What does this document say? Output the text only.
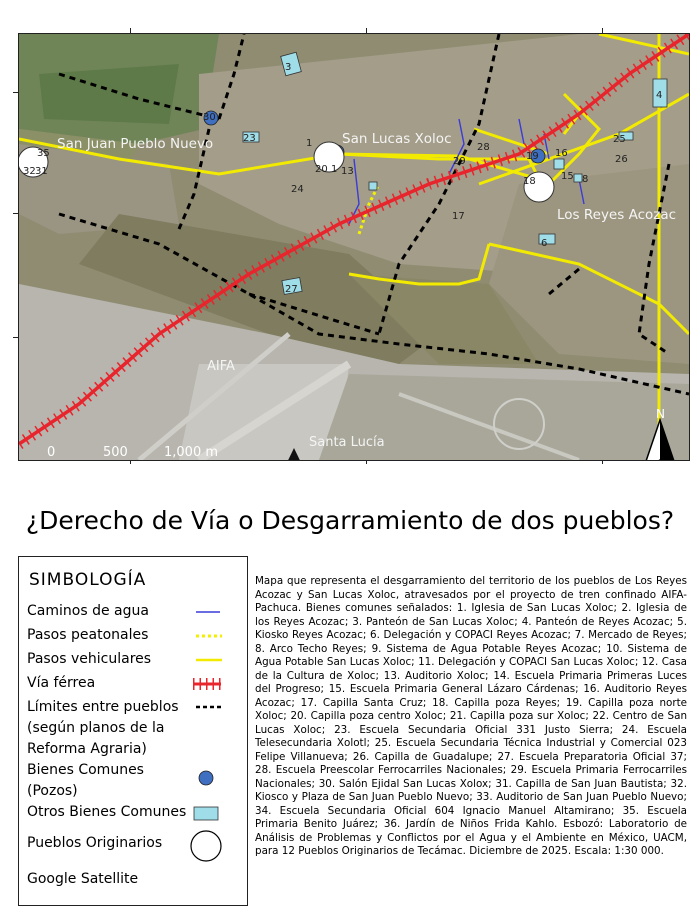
San Juan Pueblo Nuevo	San Lucas Xoloc
Los Reyes Acozac
AIFA
Santa Lucía
0	500	1,000 m
N
3
4
30
23	1
20 1 13
24
35
32 31
29
28
19 16
15 8
18
25
26
17
6
27
¿Derecho de Vía o Desgarramiento de dos pueblos?
SIMBOLOGÍA
Caminos de agua
Pasos peatonales
Pasos vehiculares
Vía férrea
Límites entre pueblos (según planos de la Reforma Agraria)
Bienes Comunes (Pozos)
Otros Bienes Comunes
Pueblos Originarios
Google Satellite
Mapa que representa el desgarramiento del territorio de los pueblos de Los Reyes Acozac y San Lucas Xoloc, atravesados por el proyecto de tren confinado AIFA-Pachuca. Bienes comunes señalados: 1. Iglesia de San Lucas Xoloc; 2. Iglesia de los Reyes Acozac; 3. Panteón de San Lucas Xoloc; 4. Panteón de Reyes Acozac; 5. Kiosko Reyes Acozac; 6. Delegación y COPACI Reyes Acozac; 7. Mercado de Reyes; 8. Arco Techo Reyes; 9. Sistema de Agua Potable Reyes Acozac; 10. Sistema de Agua Potable San Lucas Xoloc; 11. Delegación y COPACI San Lucas Xoloc; 12. Casa de la Cultura de Xoloc; 13. Auditorio Xoloc; 14. Escuela Primaria Primeras Luces del Progreso; 15. Escuela Primaria General Lázaro Cárdenas; 16. Auditorio Reyes Acozac; 17. Capilla Santa Cruz; 18. Capilla poza Reyes; 19. Capilla poza norte Xoloc; 20. Capilla poza centro Xoloc; 21. Capilla poza sur Xoloc; 22. Centro de San Lucas Xoloc; 23. Escuela Secundaria Oficial 331 Justo Sierra; 24. Escuela Telesecundaria Xolotl; 25. Escuela Secundaria Técnica Industrial y Comercial 023 Felipe Villanueva; 26. Capilla de Guadalupe; 27. Escuela Preparatoria Oficial 37; 28. Escuela Preescolar Ferrocarriles Nacionales; 29. Escuela Primaria Ferrocarriles Nacionales; 30. Salón Ejidal San Lucas Xolox; 31. Capilla de San Juan Bautista; 32. Kiosco y Plaza de San Juan Pueblo Nuevo; 33. Auditorio de San Juan Pueblo Nuevo; 34. Escuela Secundaria Oficial 604 Ignacio Manuel Altamirano; 35. Escuela Primaria Benito Juárez; 36. Jardín de Niños Frida Kahlo. Esbozó: Laboratorio de Análisis de Problemas y Conflictos por el Agua y el Ambiente en México, UACM, para 12 Pueblos Originarios de Tecámac. Diciembre de 2025. Escala: 1:30 000.
